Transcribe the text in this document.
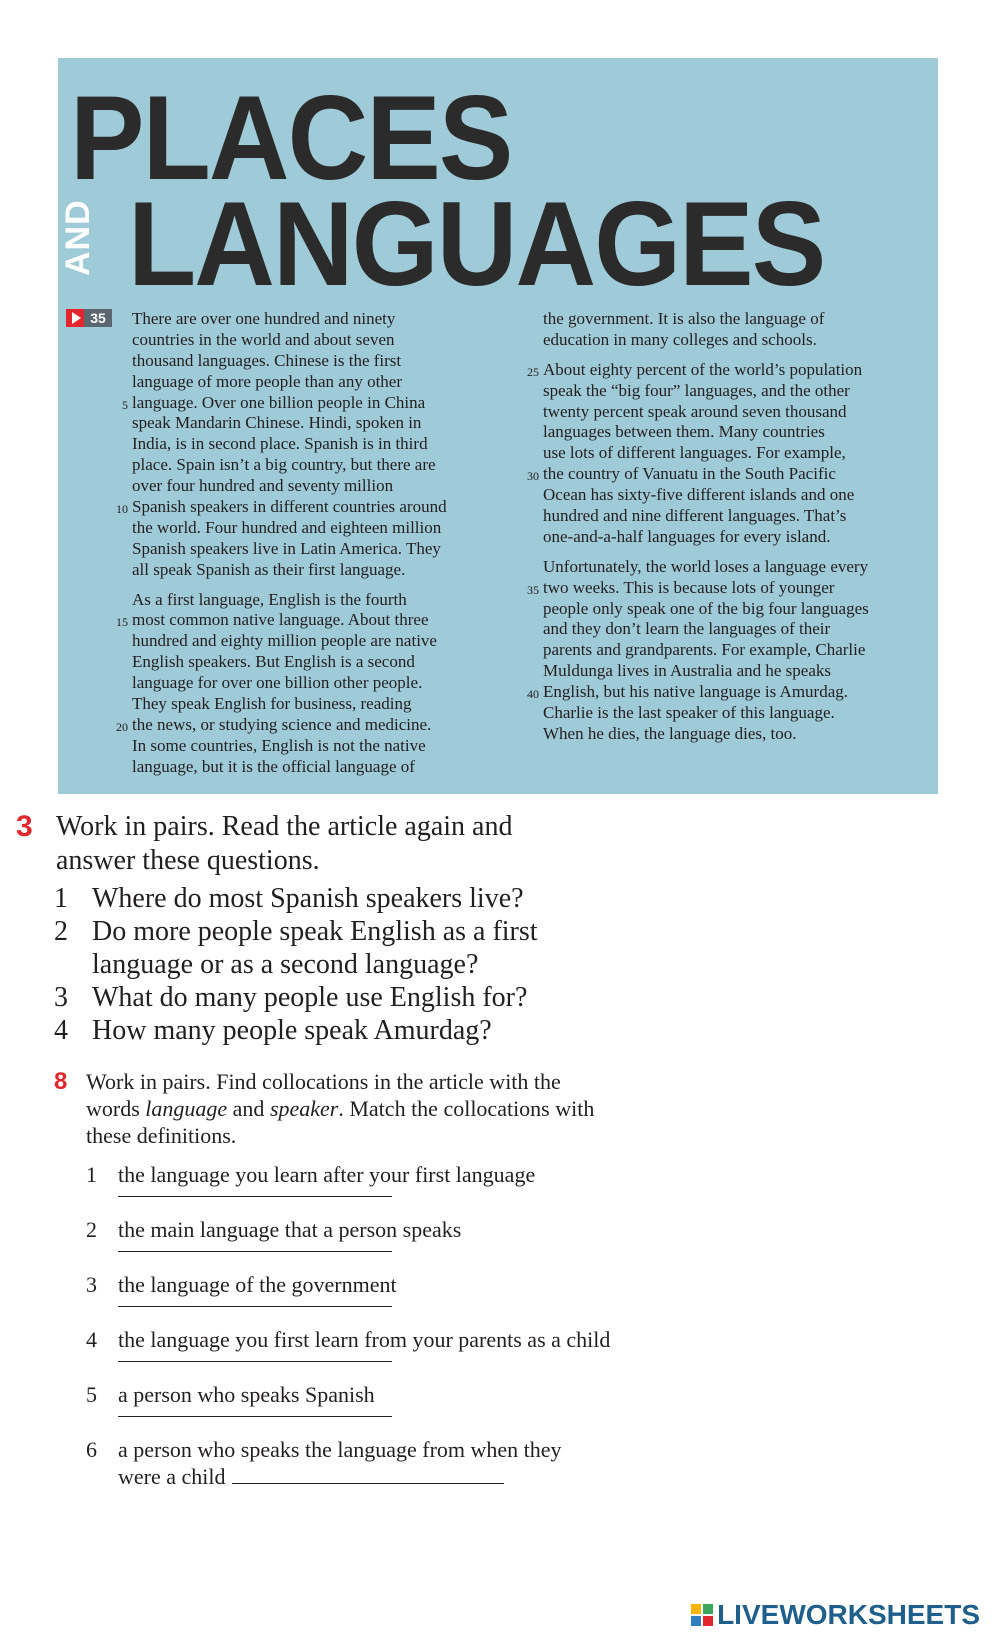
PLACES
AND LANGUAGES
35	There are over one hundred and ninety
countries in the world and about seven
thousand languages. Chinese is the first
language of more people than any other
5 language. Over one billion people in China
speak Mandarin Chinese. Hindi, spoken in
India, is in second place. Spanish is in third
place. Spain isn’t a big country, but there are
over four hundred and seventy million
10 Spanish speakers in different countries around
the world. Four hundred and eighteen million
Spanish speakers live in Latin America. They
all speak Spanish as their first language.
As a first language, English is the fourth
15 most common native language. About three
hundred and eighty million people are native
English speakers. But English is a second
language for over one billion other people.
They speak English for business, reading
20 the news, or studying science and medicine.
In some countries, English is not the native
language, but it is the official language of
the government. It is also the language of
education in many colleges and schools.
25 About eighty percent of the world’s population
speak the “big four” languages, and the other
twenty percent speak around seven thousand
languages between them. Many countries
use lots of different languages. For example,
30 the country of Vanuatu in the South Pacific
Ocean has sixty-five different islands and one
hundred and nine different languages. That’s
one-and-a-half languages for every island.
Unfortunately, the world loses a language every
35 two weeks. This is because lots of younger
people only speak one of the big four languages
and they don’t learn the languages of their
parents and grandparents. For example, Charlie
Muldunga lives in Australia and he speaks
40 English, but his native language is Amurdag.
Charlie is the last speaker of this language.
When he dies, the language dies, too.
3 Work in pairs. Read the article again and
answer these questions.
1 Where do most Spanish speakers live?
2 Do more people speak English as a first
language or as a second language?
3 What do many people use English for?
4 How many people speak Amurdag?
8 Work in pairs. Find collocations in the article with the
words language and speaker. Match the collocations with
these definitions.
1 the language you learn after your first language
2 the main language that a person speaks
3 the language of the government
4 the language you first learn from your parents as a child
5 a person who speaks Spanish
6 a person who speaks the language from when they
were a child
LIVEWORKSHEETS
